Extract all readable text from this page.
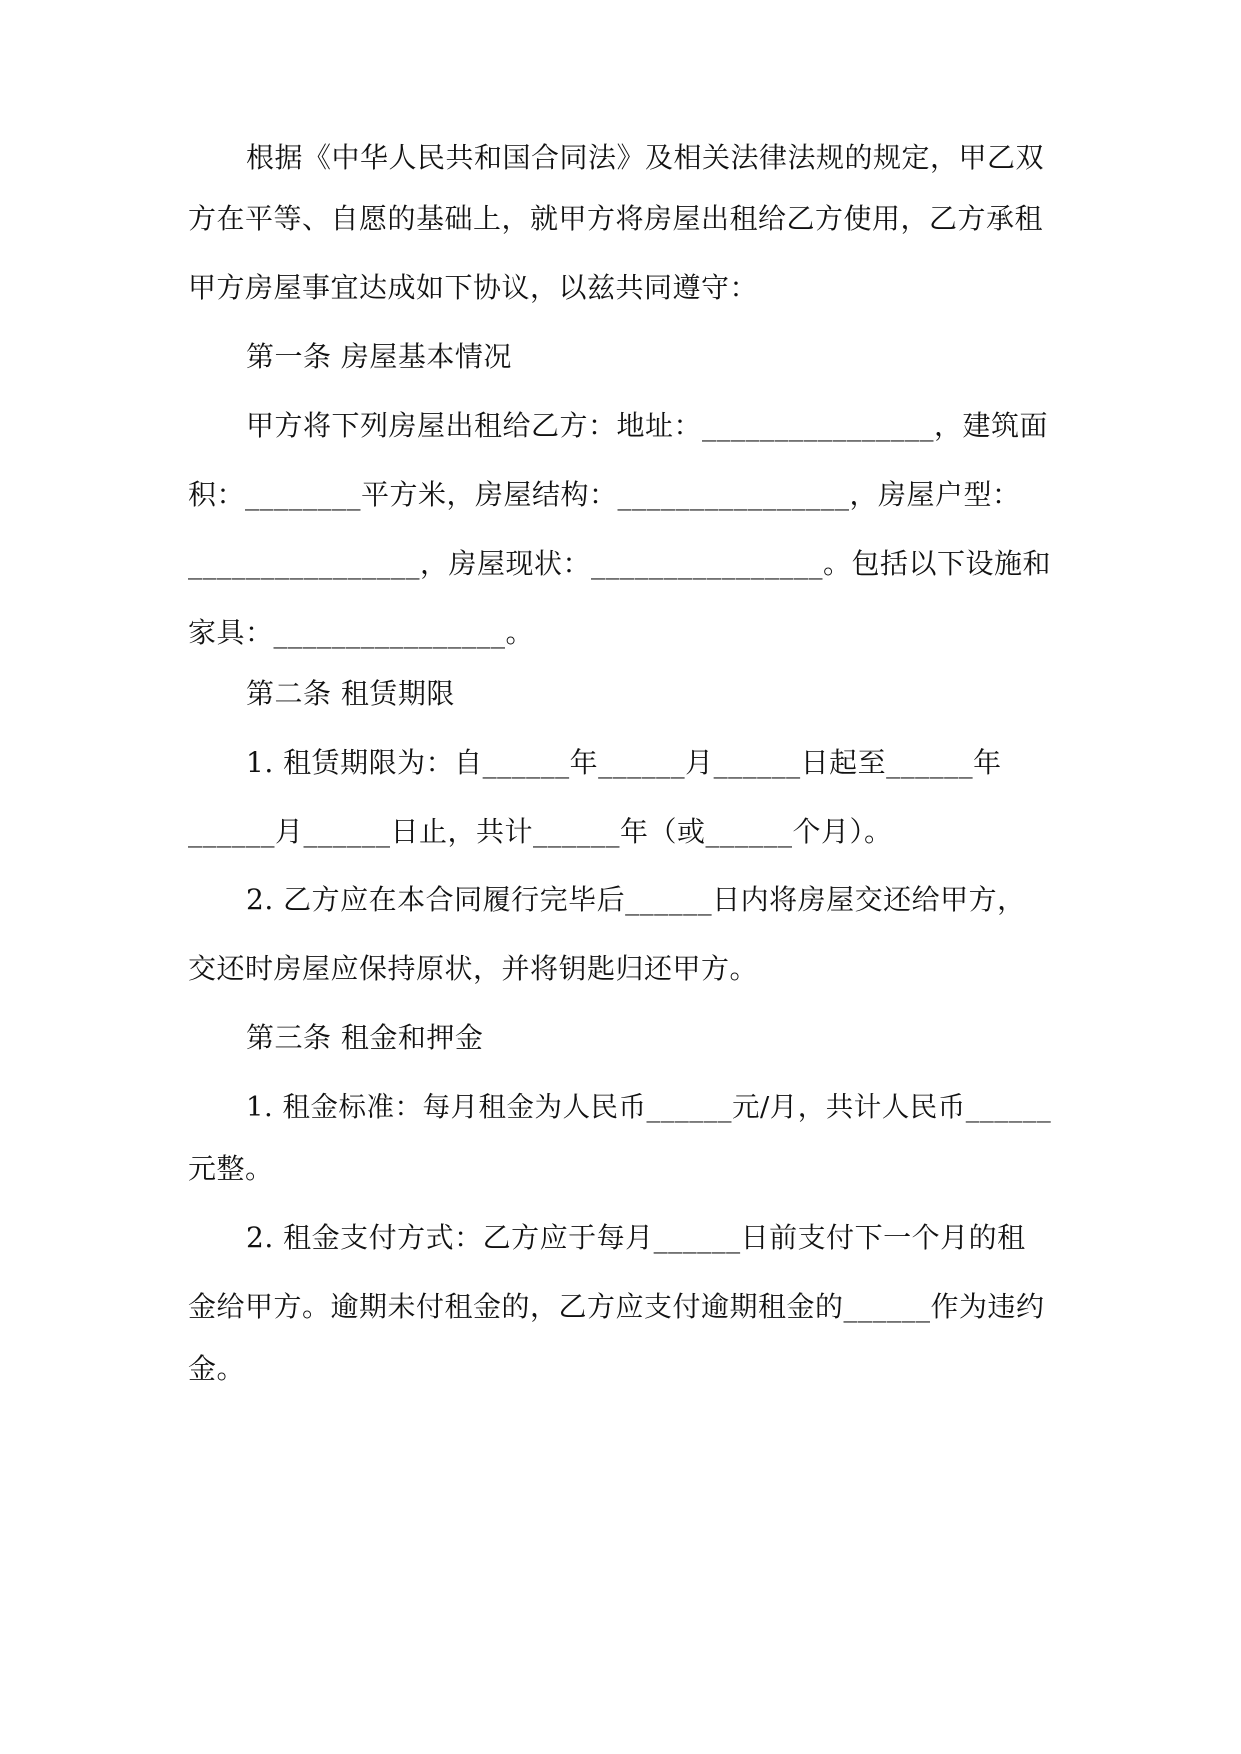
根据《中华人民共和国合同法》及相关法律法规的规定，甲乙双
方在平等、自愿的基础上，就甲方将房屋出租给乙方使用，乙方承租
甲方房屋事宜达成如下协议，以兹共同遵守：
第一条 房屋基本情况
甲方将下列房屋出租给乙方：地址：________________，建筑面
积：________平方米，房屋结构：________________，房屋户型：
________________，房屋现状：________________。包括以下设施和
家具：________________。
第二条 租赁期限
1. 租赁期限为：自______年______月______日起至______年
______月______日止，共计______年（或______个月）。
2. 乙方应在本合同履行完毕后______日内将房屋交还给甲方，
交还时房屋应保持原状，并将钥匙归还甲方。
第三条 租金和押金
1. 租金标准：每月租金为人民币______元/月，共计人民币______
元整。
2. 租金支付方式：乙方应于每月______日前支付下一个月的租
金给甲方。逾期未付租金的，乙方应支付逾期租金的______作为违约
金。
